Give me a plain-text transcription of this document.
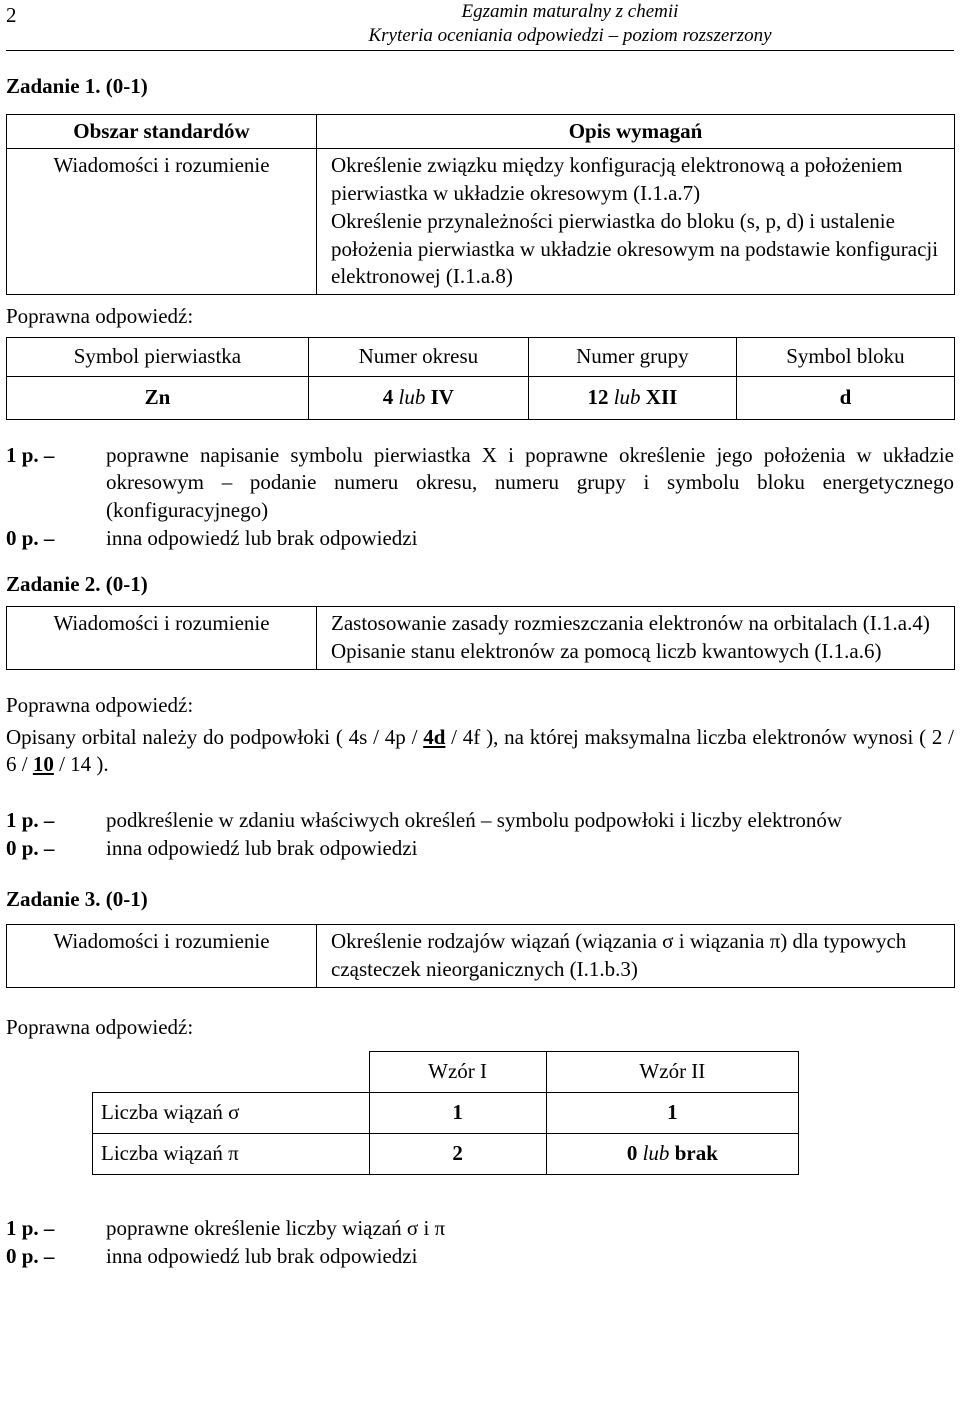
2	Egzamin maturalny z chemii
Kryteria oceniania odpowiedzi – poziom rozszerzony

Zadanie 1. (0-1)

Obszar standardów	Opis wymagań
Wiadomości i rozumienie	Określenie związku między konfiguracją elektronową a położeniem pierwiastka w układzie okresowym (I.1.a.7)
Określenie przynależności pierwiastka do bloku (s, p, d) i ustalenie położenia pierwiastka w układzie okresowym na podstawie konfiguracji elektronowej (I.1.a.8)

Poprawna odpowiedź:

Symbol pierwiastka	Numer okresu	Numer grupy	Symbol bloku
Zn	4 lub IV	12 lub XII	d
1 p. –	poprawne napisanie symbolu pierwiastka X i poprawne określenie jego położenia w układzie okresowym – podanie numeru okresu, numeru grupy i symbolu bloku energetycznego (konfiguracyjnego)
0 p. –	inna odpowiedź lub brak odpowiedzi

Zadanie 2. (0-1)

Wiadomości i rozumienie	Zastosowanie zasady rozmieszczania elektronów na orbitalach (I.1.a.4)
Opisanie stanu elektronów za pomocą liczb kwantowych (I.1.a.6)

Poprawna odpowiedź:

Opisany orbital należy do podpowłoki ( 4s / 4p / 4d / 4f ), na której maksymalna liczba elektronów wynosi ( 2 / 6 / 10 / 14 ).
1 p. –	podkreślenie w zdaniu właściwych określeń – symbolu podpowłoki i liczby elektronów
0 p. –	inna odpowiedź lub brak odpowiedzi

Zadanie 3. (0-1)

Wiadomości i rozumienie	Określenie rodzajów wiązań (wiązania σ i wiązania π) dla typowych cząsteczek nieorganicznych (I.1.b.3)

Poprawna odpowiedź:

	Wzór I	Wzór II
Liczba wiązań σ	1	1
Liczba wiązań π	2	0 lub brak
1 p. –	poprawne określenie liczby wiązań σ i π
0 p. –	inna odpowiedź lub brak odpowiedzi
